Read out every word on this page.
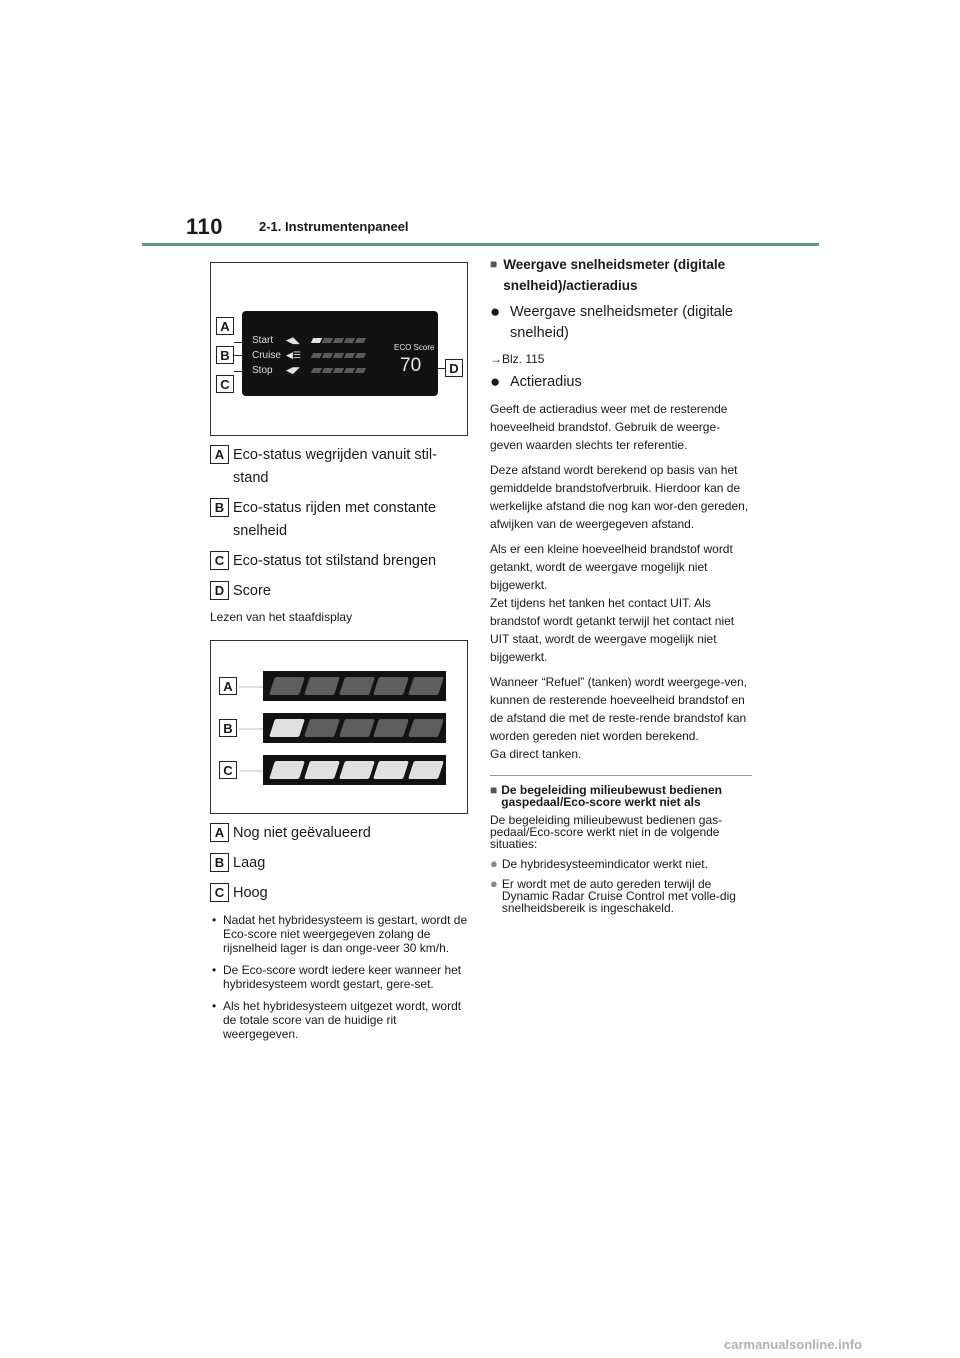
110	2-1. Instrumentenpaneel
A
B
C
D
Start	◀◣
Cruise ◀☰
Stop	◀◤
ECO Score
70
A Eco-status wegrijden vanuit stil-stand
B Eco-status rijden met constante snelheid
C Eco-status tot stilstand brengen
D Score
Lezen van het staafdisplay
A
B
C
A Nog niet geëvalueerd
B Laag
C Hoog
• Nadat het hybridesysteem is gestart, wordt de Eco-score niet weergegeven zolang de rijsnelheid lager is dan onge-veer 30 km/h.
• De Eco-score wordt iedere keer wanneer het hybridesysteem wordt gestart, gere-set.
• Als het hybridesysteem uitgezet wordt, wordt de totale score van de huidige rit weergegeven.
■ Weergave snelheidsmeter (digitale snelheid)/actieradius
● Weergave snelheidsmeter (digitale snelheid)
→Blz. 115
● Actieradius

Geeft de actieradius weer met de resterende hoeveelheid brandstof. Gebruik de weerge-geven waarden slechts ter referentie.

Deze afstand wordt berekend op basis van het gemiddelde brandstofverbruik. Hierdoor kan de werkelijke afstand die nog kan wor-den gereden, afwijken van de weergegeven afstand.

Als er een kleine hoeveelheid brandstof wordt getankt, wordt de weergave mogelijk niet bijgewerkt.

Zet tijdens het tanken het contact UIT. Als brandstof wordt getankt terwijl het contact niet UIT staat, wordt de weergave mogelijk niet bijgewerkt.

Wanneer “Refuel” (tanken) wordt weergege-ven, kunnen de resterende hoeveelheid brandstof en de afstand die met de reste-rende brandstof kan worden gereden niet worden berekend.

Ga direct tanken.

■ De begeleiding milieubewust bedienen gaspedaal/Eco-score werkt niet als

De begeleiding milieubewust bedienen gas-pedaal/Eco-score werkt niet in de volgende situaties:

● De hybridesysteemindicator werkt niet.
● Er wordt met de auto gereden terwijl de Dynamic Radar Cruise Control met volle-dig snelheidsbereik is ingeschakeld.
carmanualsonline.info
